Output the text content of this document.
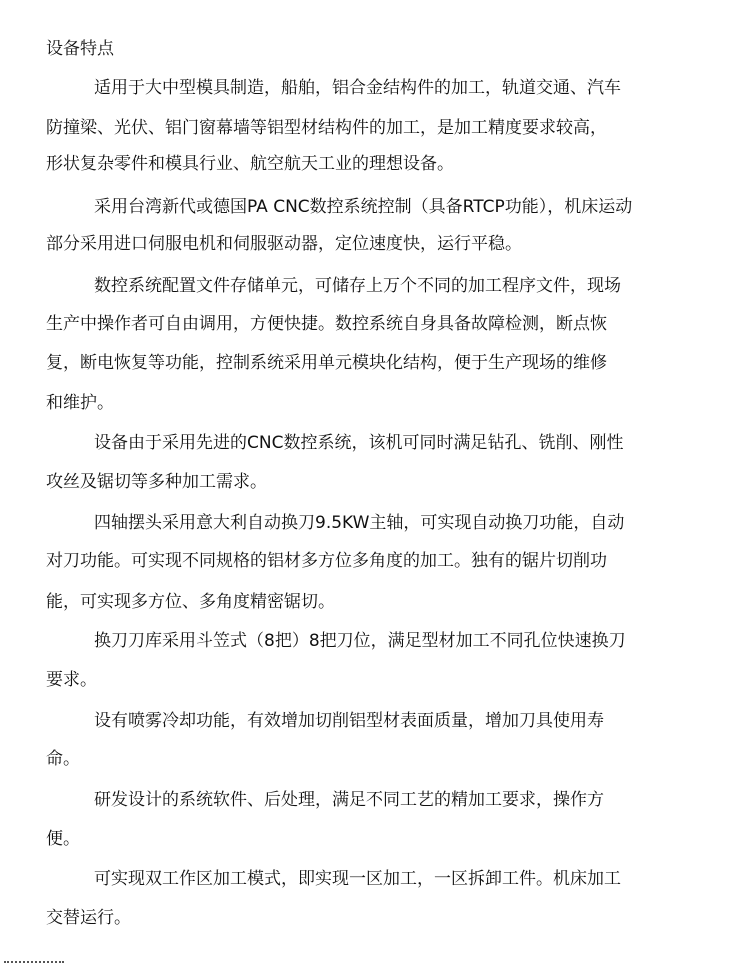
设备特点
适用于大中型模具制造，船舶，铝合金结构件的加工，轨道交通、汽车
防撞梁、光伏、铝门窗幕墙等铝型材结构件的加工，是加工精度要求较高，
形状复杂零件和模具行业、航空航天工业的理想设备。
采用台湾新代或德国PA CNC数控系统控制（具备RTCP功能），机床运动
部分采用进口伺服电机和伺服驱动器，定位速度快，运行平稳。
数控系统配置文件存储单元，可储存上万个不同的加工程序文件，现场
生产中操作者可自由调用，方便快捷。数控系统自身具备故障检测，断点恢
复，断电恢复等功能，控制系统采用单元模块化结构，便于生产现场的维修
和维护。
设备由于采用先进的CNC数控系统，该机可同时满足钻孔、铣削、刚性
攻丝及锯切等多种加工需求。
四轴摆头采用意大利自动换刀9.5KW主轴，可实现自动换刀功能，自动
对刀功能。可实现不同规格的铝材多方位多角度的加工。独有的锯片切削功
能，可实现多方位、多角度精密锯切。
换刀刀库采用斗笠式（8把）8把刀位，满足型材加工不同孔位快速换刀
要求。
设有喷雾冷却功能，有效增加切削铝型材表面质量，增加刀具使用寿
命。
研发设计的系统软件、后处理，满足不同工艺的精加工要求，操作方
便。
可实现双工作区加工模式，即实现一区加工，一区拆卸工件。机床加工
交替运行。
